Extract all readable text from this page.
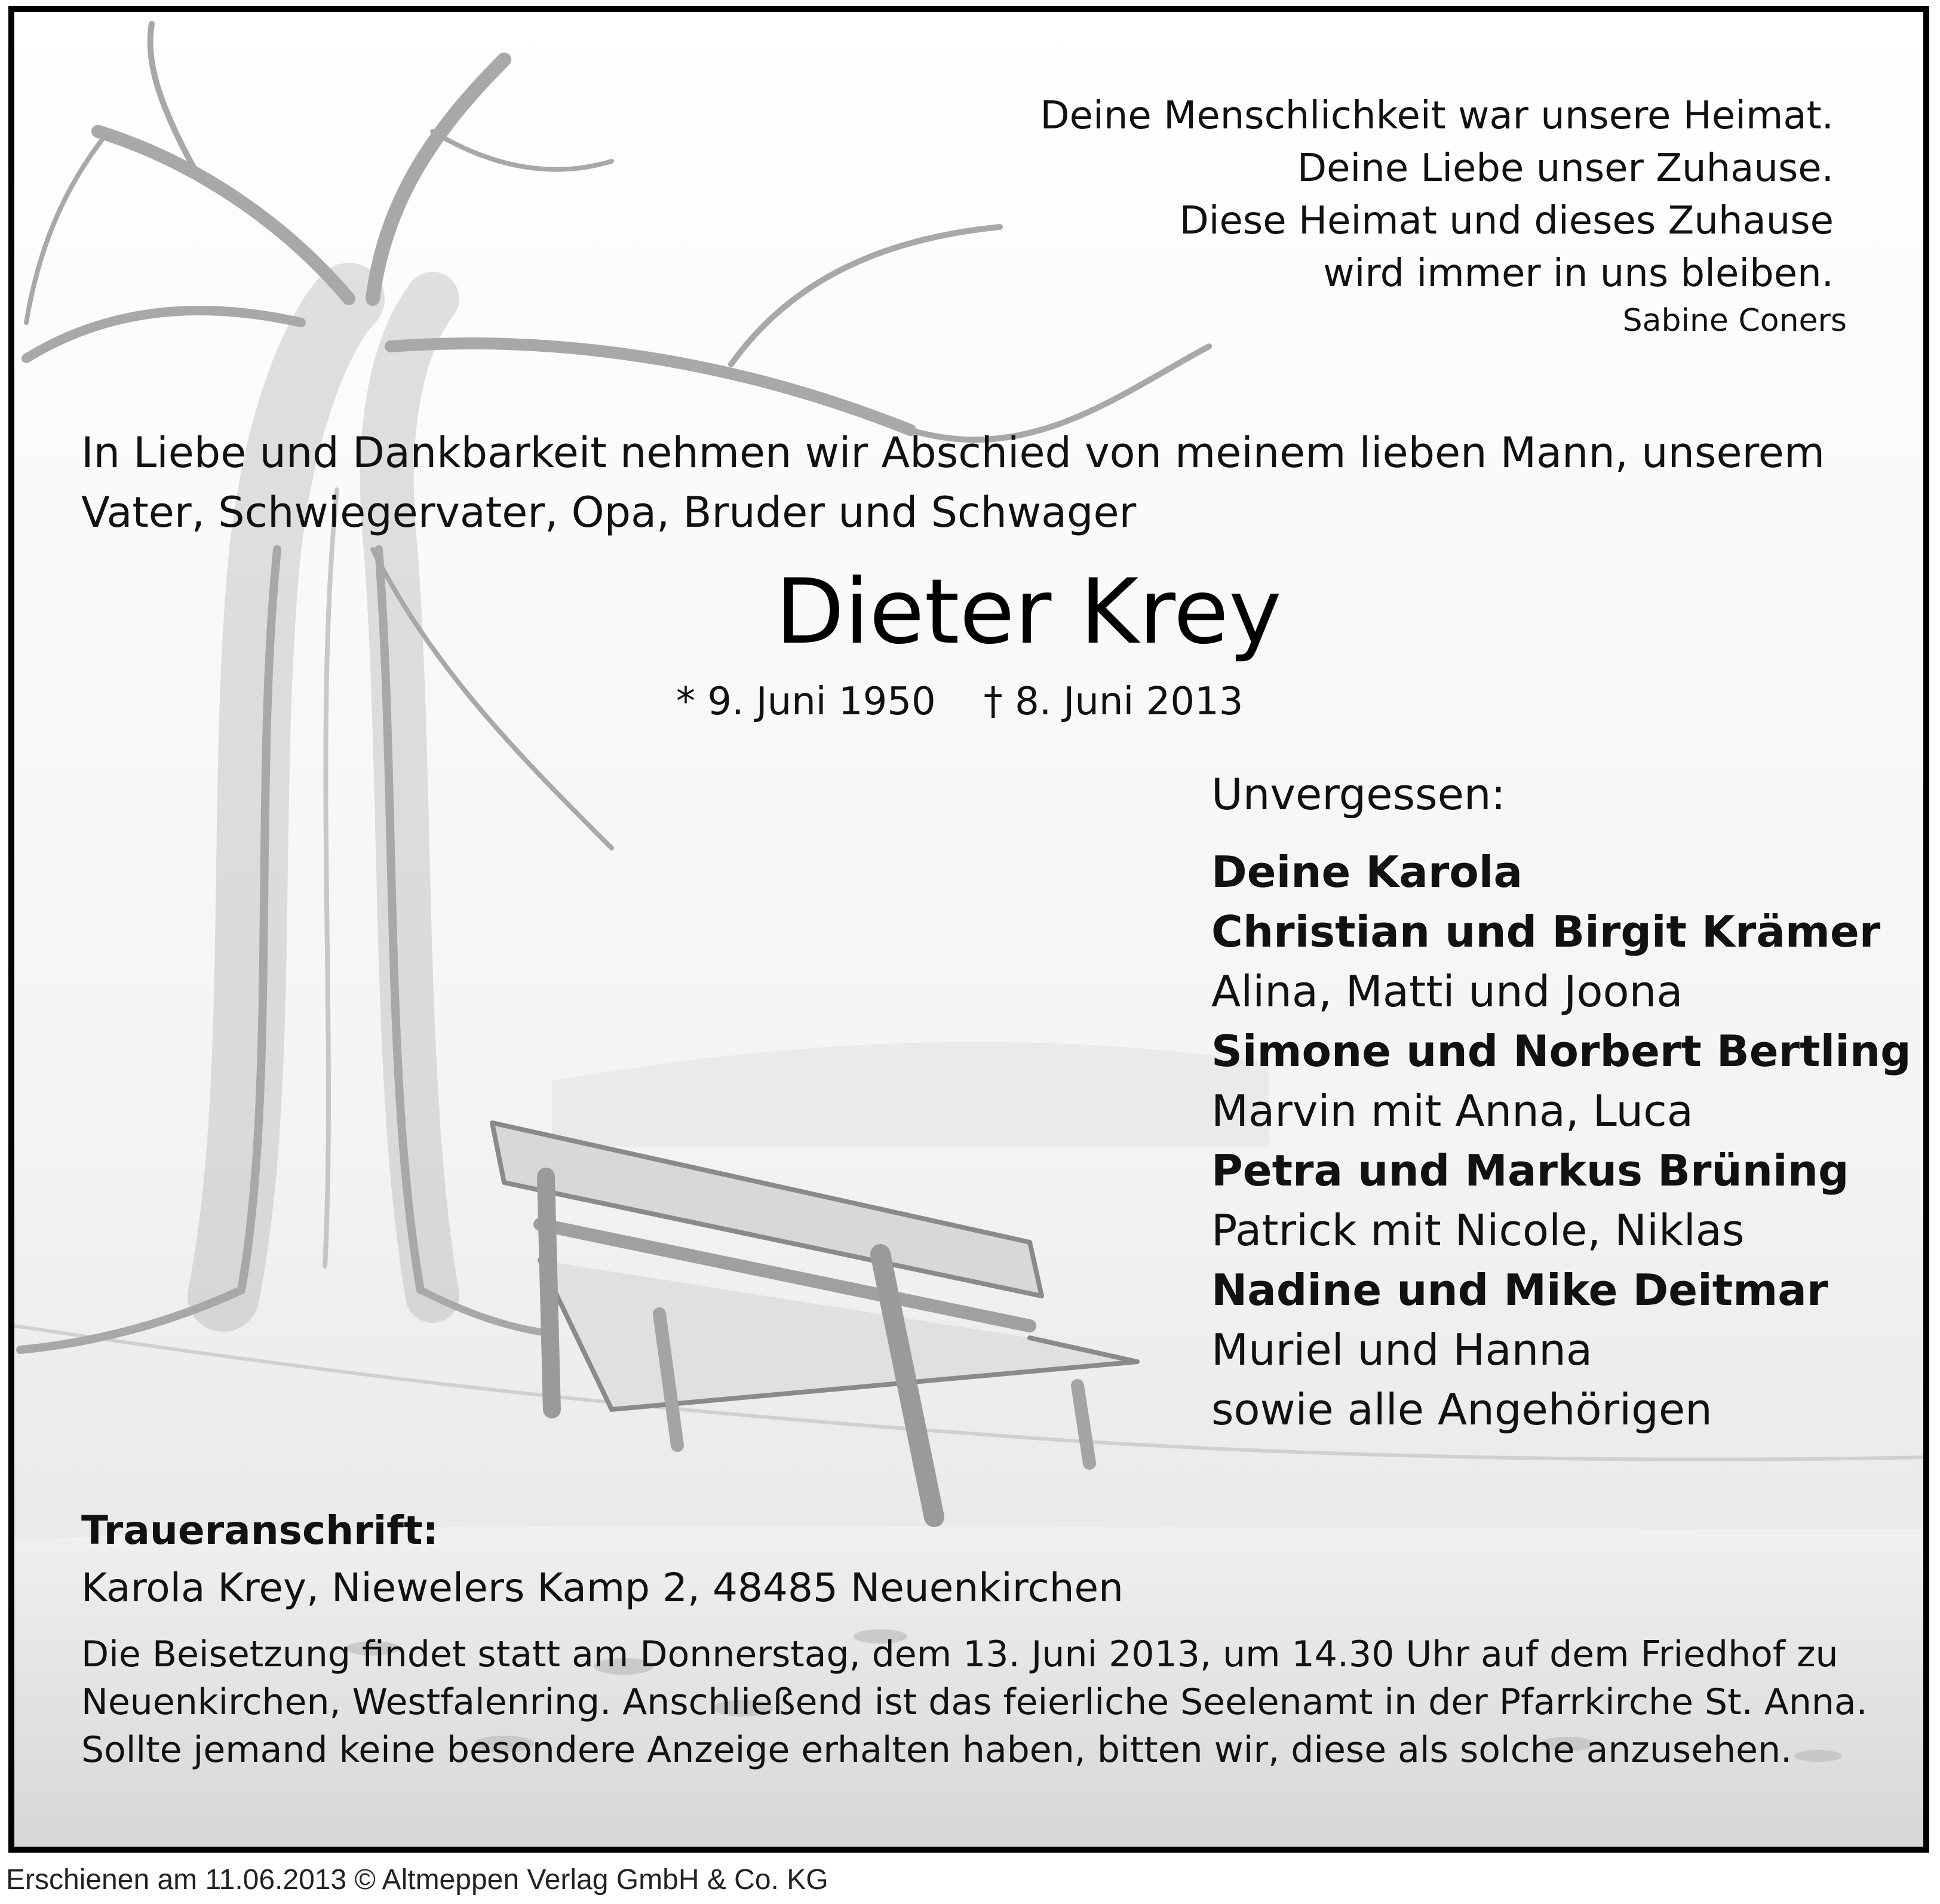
Deine Menschlichkeit war unsere Heimat.
Deine Liebe unser Zuhause.
Diese Heimat und dieses Zuhause
wird immer in uns bleiben.
Sabine Coners
In Liebe und Dankbarkeit nehmen wir Abschied von meinem lieben Mann, unserem Vater, Schwiegervater, Opa, Bruder und Schwager
Dieter Krey
* 9. Juni 1950 † 8. Juni 2013
Unvergessen:
Deine Karola
Christian und Birgit Krämer
Alina, Matti und Joona
Simone und Norbert Bertling
Marvin mit Anna, Luca
Petra und Markus Brüning
Patrick mit Nicole, Niklas
Nadine und Mike Deitmar
Muriel und Hanna
sowie alle Angehörigen
Traueranschrift:
Karola Krey, Niewelers Kamp 2, 48485 Neuenkirchen

Die Beisetzung findet statt am Donnerstag, dem 13. Juni 2013, um 14.30 Uhr auf dem Friedhof zu

Neuenkirchen, Westfalenring. Anschließend ist das feierliche Seelenamt in der Pfarrkirche St. Anna.

Sollte jemand keine besondere Anzeige erhalten haben, bitten wir, diese als solche anzusehen.

Erschienen am 11.06.2013 © Altmeppen Verlag GmbH & Co. KG
